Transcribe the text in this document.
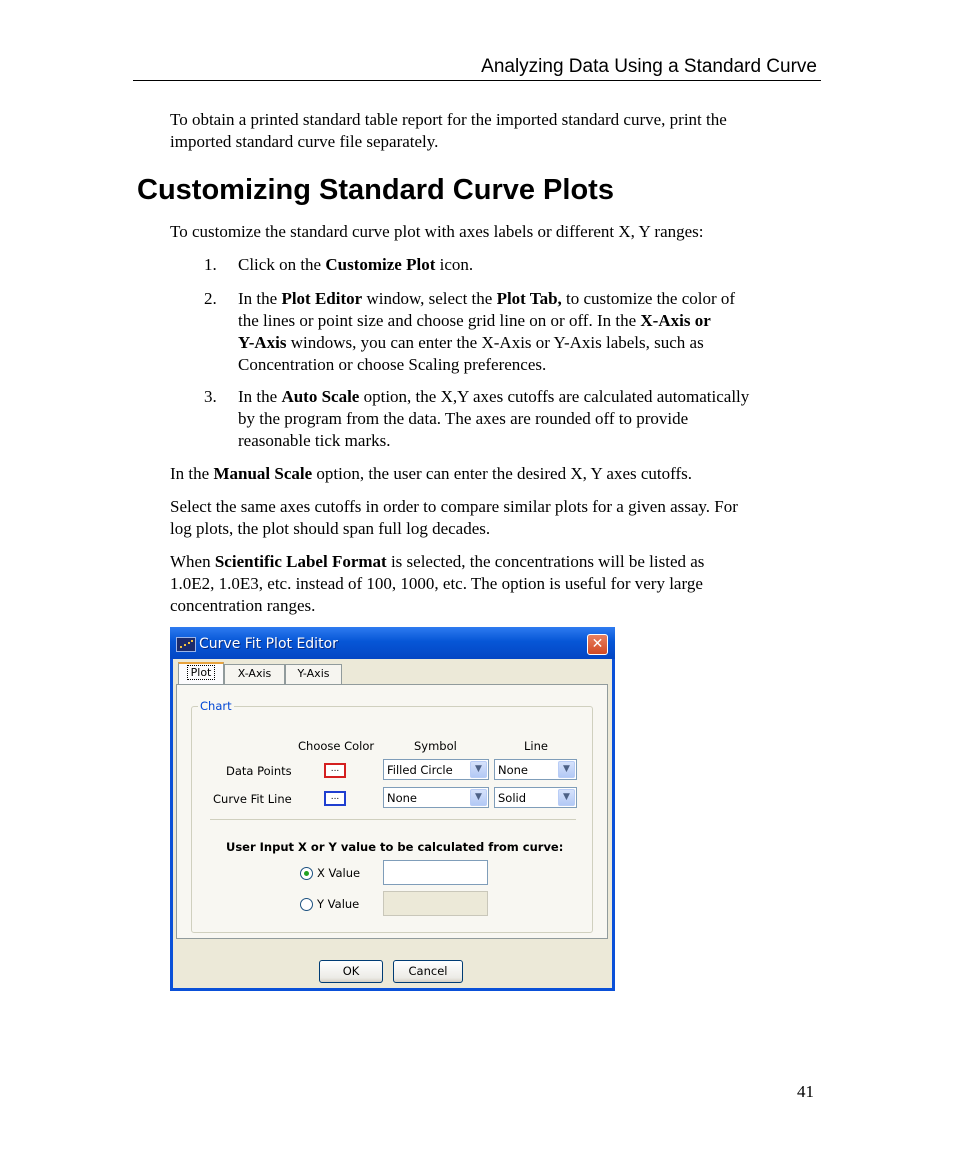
Analyzing Data Using a Standard Curve

To obtain a printed standard table report for the imported standard curve, print the
imported standard curve file separately.

Customizing Standard Curve Plots

To customize the standard curve plot with axes labels or different X, Y ranges:

1. Click on the Customize Plot icon.
2. In the Plot Editor window, select the Plot Tab, to customize the color of
the lines or point size and choose grid line on or off. In the X-Axis or
Y-Axis windows, you can enter the X-Axis or Y-Axis labels, such as
Concentration or choose Scaling preferences.
3. In the Auto Scale option, the X,Y axes cutoffs are calculated automatically
by the program from the data. The axes are rounded off to provide
reasonable tick marks.

In the Manual Scale option, the user can enter the desired X, Y axes cutoffs.

Select the same axes cutoffs in order to compare similar plots for a given assay. For
log plots, the plot should span full log decades.

When Scientific Label Format is selected, the concentrations will be listed as
1.0E2, 1.0E3, etc. instead of 100, 1000, etc. The option is useful for very large
concentration ranges.

Curve Fit Plot Editor	✕
Plot	X-Axis	Y-Axis
Chart
Choose Color	Symbol	Line
Data Points	...	Filled Circle	▼	None	▼
Curve Fit Line	...	None	▼	Solid	▼
User Input X or Y value to be calculated from curve:
X Value
Y Value
OK	Cancel
41
